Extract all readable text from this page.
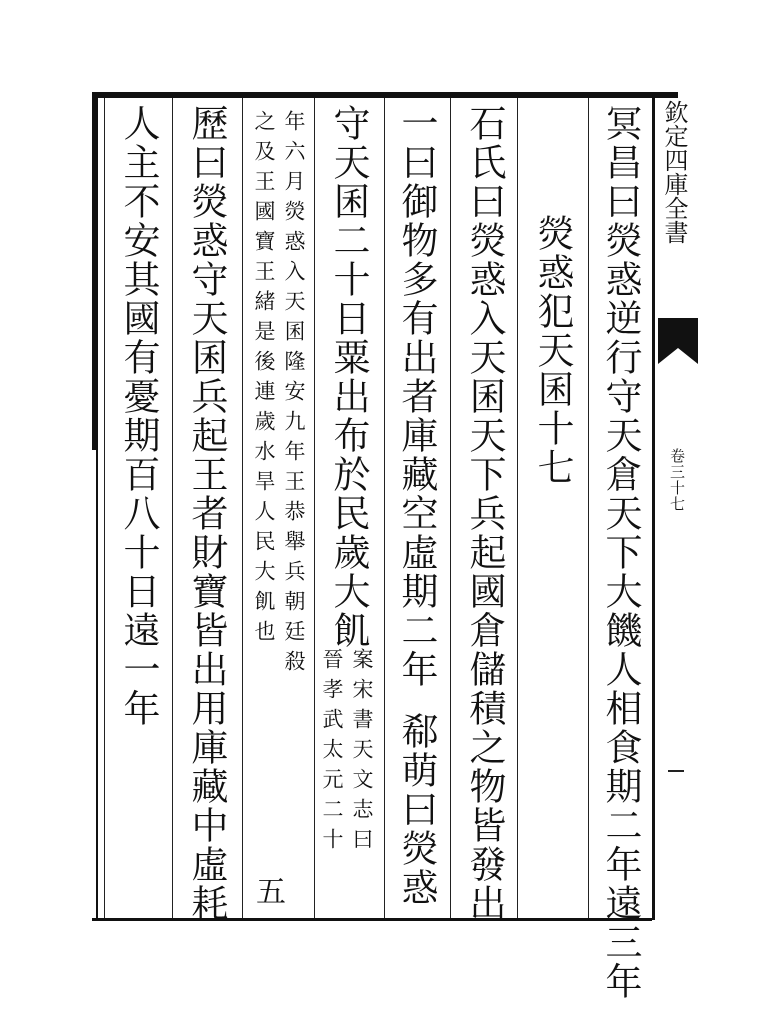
欽定四庫全書
卷三十七
冥昌曰熒惑逆行守天倉天下大饑人相食期二年遠三年
熒惑犯天囷十七
石氏曰熒惑入天囷天下兵起國倉儲積之物皆發出
一曰御物多有出者庫藏空虛期二年
郗萌曰熒惑
守天囷二十日粟出布於民歲大飢
案宋書天文志曰
晉孝武太元二十
年六月熒惑入天囷隆安九年王恭舉兵朝廷殺
之及王國寶王緒是後連歲水旱人民大飢也
歷曰熒惑守天囷兵起王者財寶皆出用庫藏中虛耗
人主不安其國有憂期百八十日遠一年
五
